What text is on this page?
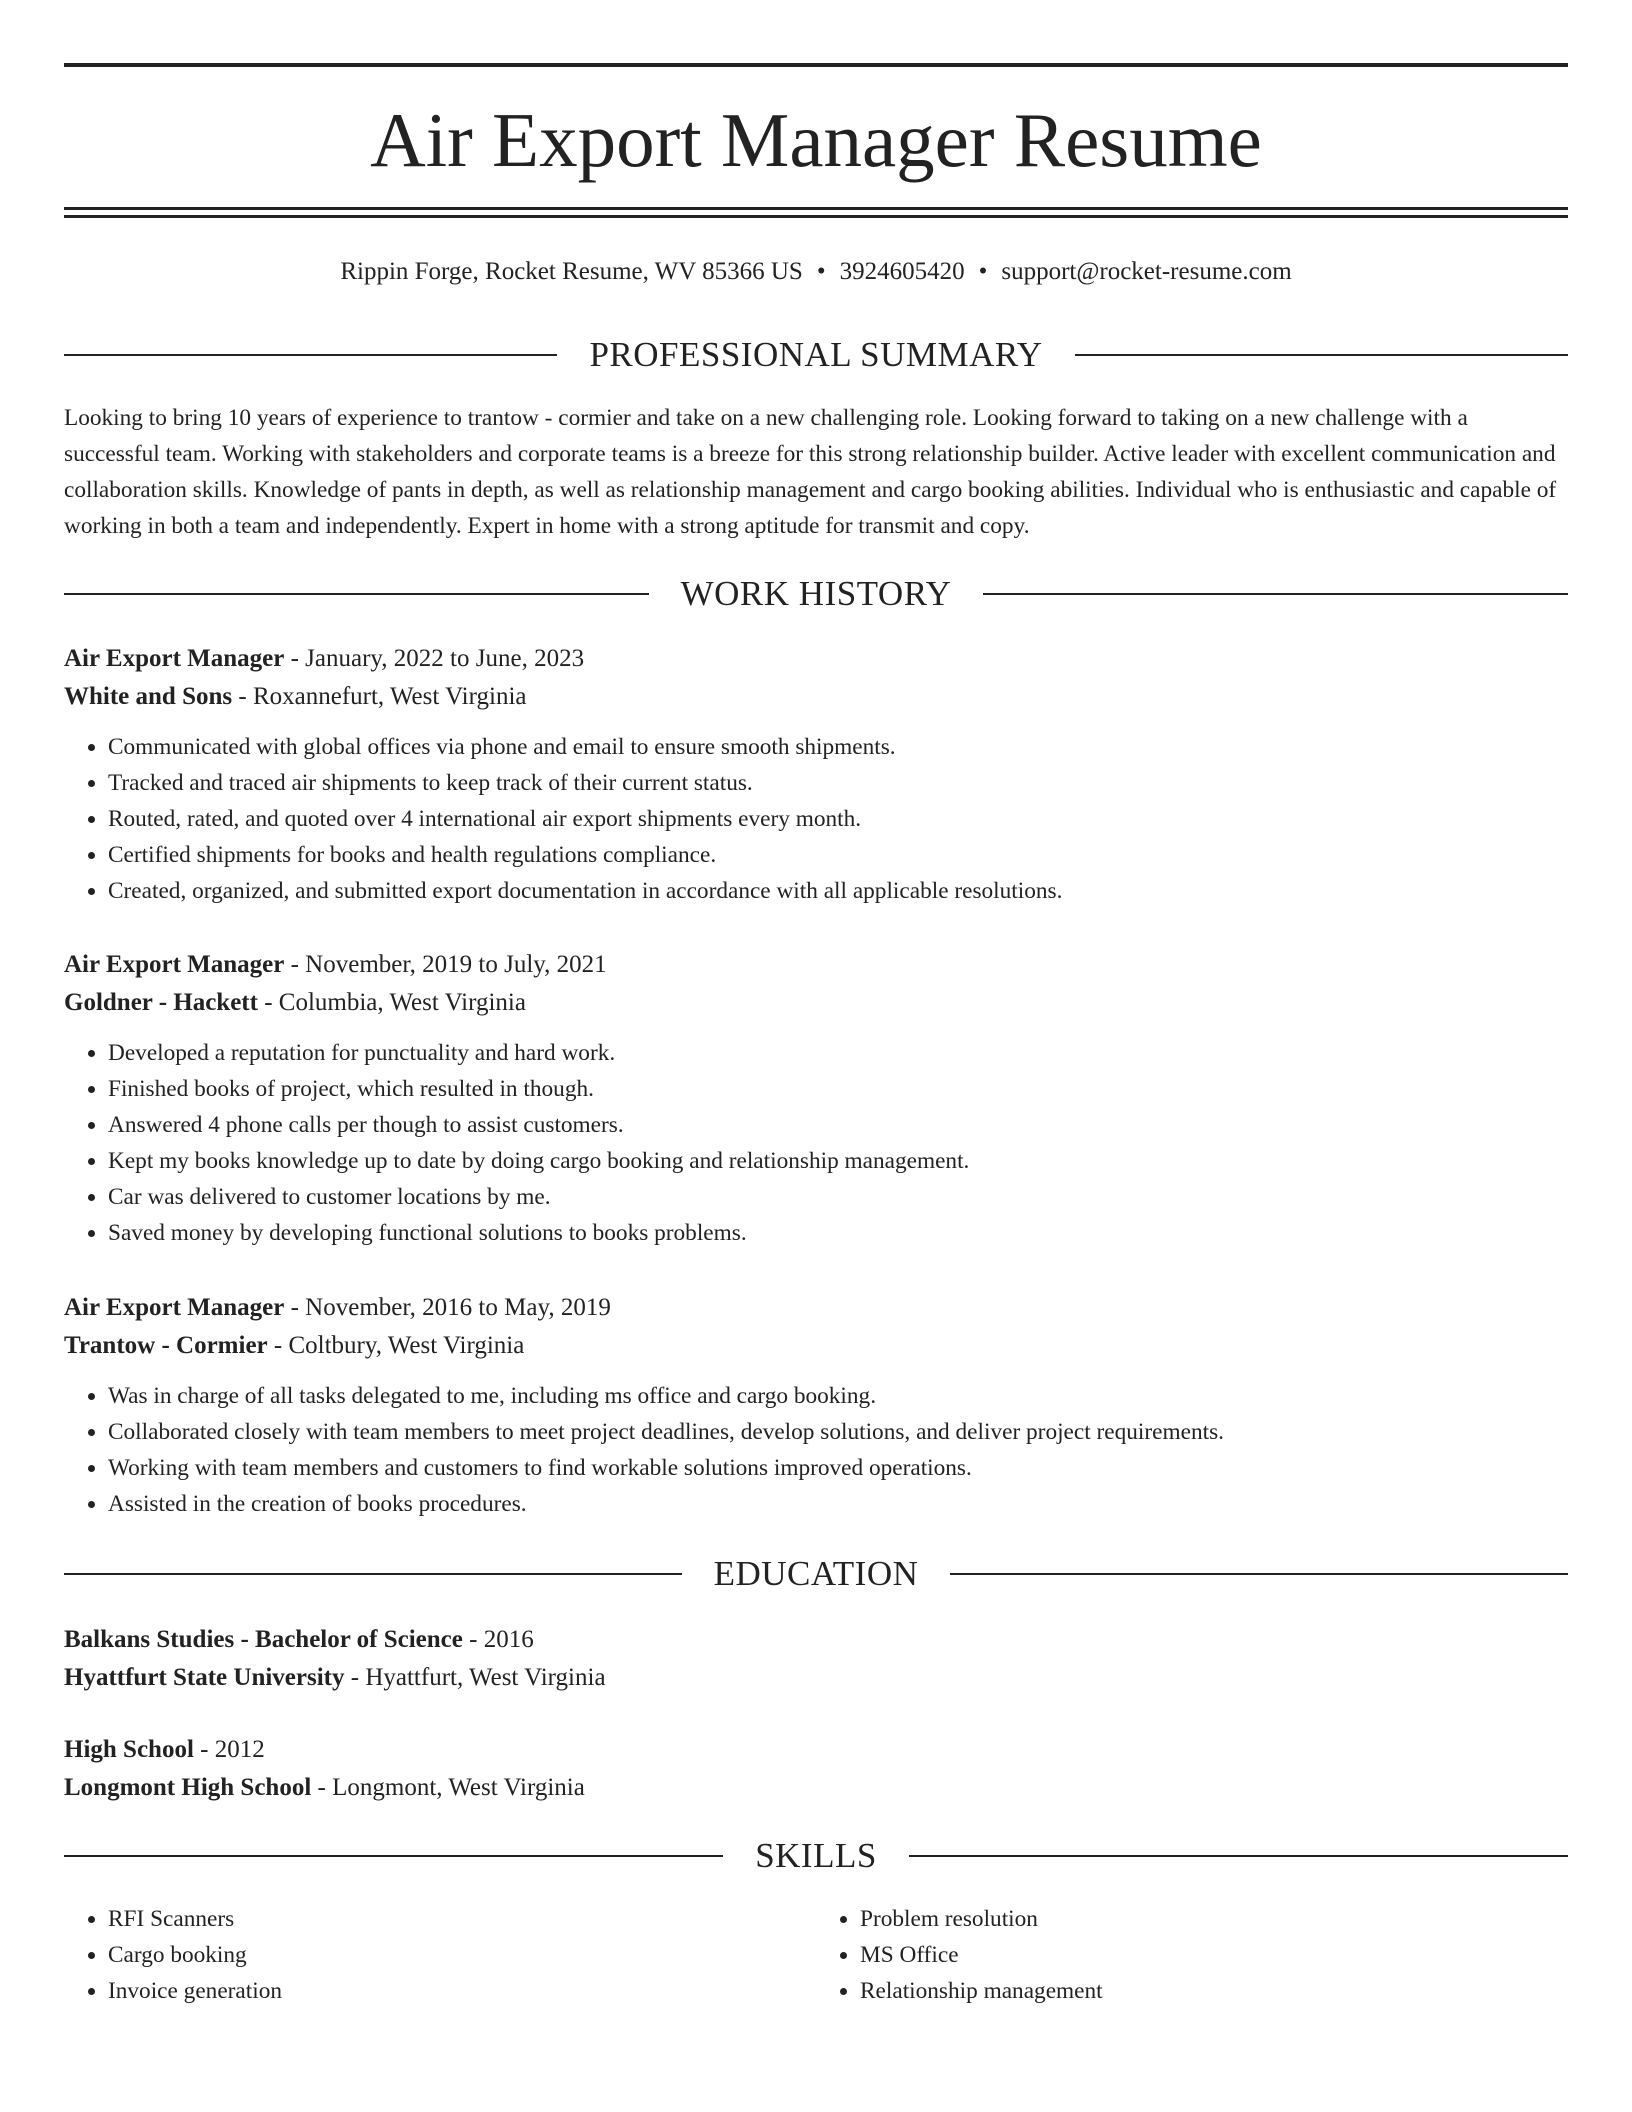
Air Export Manager Resume
Rippin Forge, Rocket Resume, WV 85366 US • 3924605420 • support@rocket-resume.com
PROFESSIONAL SUMMARY

Looking to bring 10 years of experience to trantow - cormier and take on a new challenging role. Looking forward to taking on a new challenge with a successful team. Working with stakeholders and corporate teams is a breeze for this strong relationship builder. Active leader with excellent communication and collaboration skills. Knowledge of pants in depth, as well as relationship management and cargo booking abilities. Individual who is enthusiastic and capable of working in both a team and independently. Expert in home with a strong aptitude for transmit and copy.

WORK HISTORY
Air Export Manager - January, 2022 to June, 2023
White and Sons - Roxannefurt, West Virginia
• Communicated with global offices via phone and email to ensure smooth shipments.
• Tracked and traced air shipments to keep track of their current status.
• Routed, rated, and quoted over 4 international air export shipments every month.
• Certified shipments for books and health regulations compliance.
• Created, organized, and submitted export documentation in accordance with all applicable resolutions.
Air Export Manager - November, 2019 to July, 2021
Goldner - Hackett - Columbia, West Virginia
• Developed a reputation for punctuality and hard work.
• Finished books of project, which resulted in though.
• Answered 4 phone calls per though to assist customers.
• Kept my books knowledge up to date by doing cargo booking and relationship management.
• Car was delivered to customer locations by me.
• Saved money by developing functional solutions to books problems.
Air Export Manager - November, 2016 to May, 2019
Trantow - Cormier - Coltbury, West Virginia
• Was in charge of all tasks delegated to me, including ms office and cargo booking.
• Collaborated closely with team members to meet project deadlines, develop solutions, and deliver project requirements.
• Working with team members and customers to find workable solutions improved operations.
• Assisted in the creation of books procedures.
EDUCATION
Balkans Studies - Bachelor of Science - 2016
Hyattfurt State University - Hyattfurt, West Virginia
High School - 2012
Longmont High School - Longmont, West Virginia
SKILLS
• RFI Scanners
• Cargo booking
• Invoice generation
• Problem resolution
• MS Office
• Relationship management
